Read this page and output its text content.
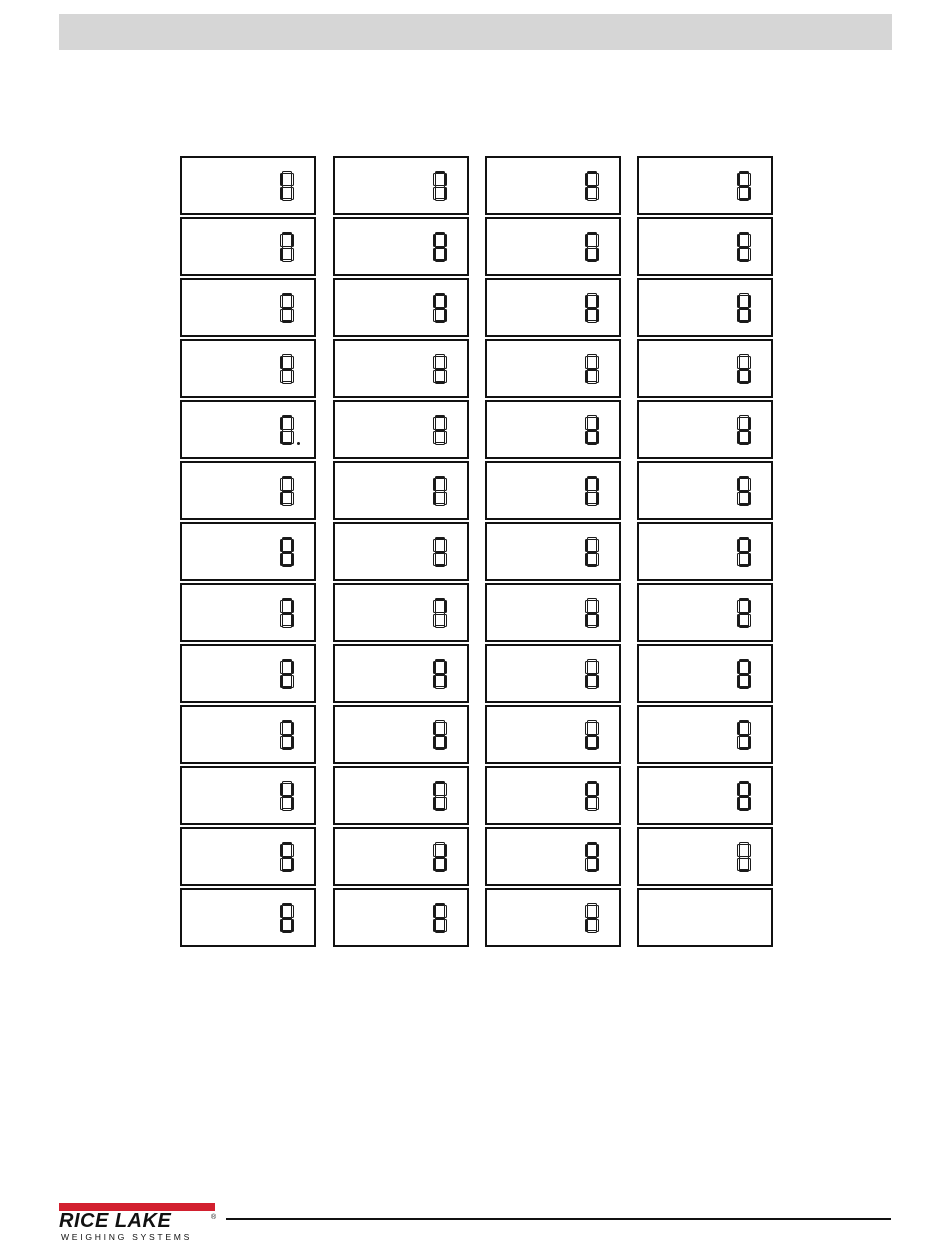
RICE LAKE	®
WEIGHING SYSTEMS
